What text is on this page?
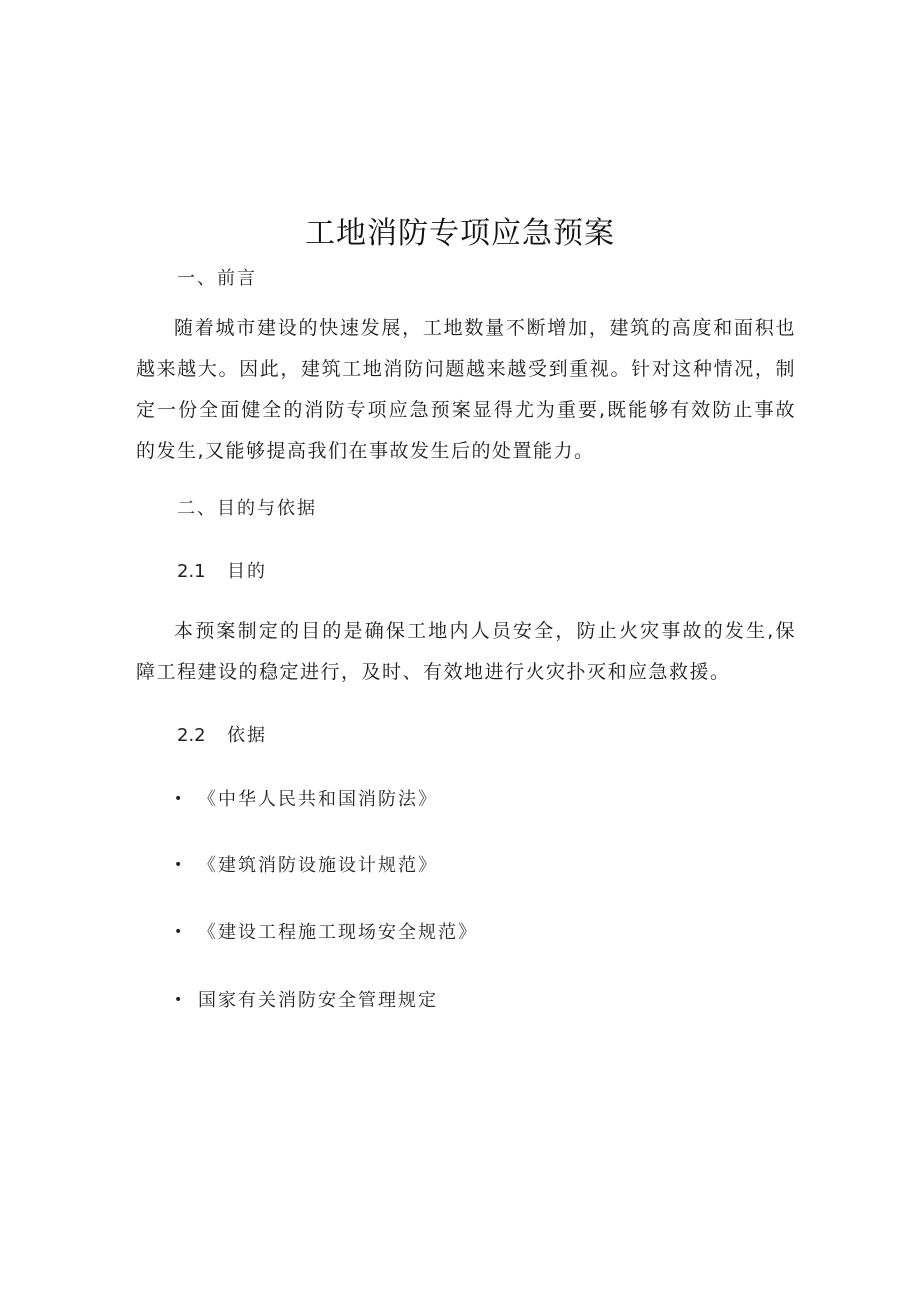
工地消防专项应急预案
一、前言

随着城市建设的快速发展，工地数量不断增加，建筑的高度和面积也越来越大。因此，建筑工地消防问题越来越受到重视。针对这种情况，制定一份全面健全的消防专项应急预案显得尤为重要,既能够有效防止事故的发生,又能够提高我们在事故发生后的处置能力。

二、目的与依据
2.1 目的

本预案制定的目的是确保工地内人员安全，防止火灾事故的发生,保障工程建设的稳定进行，及时、有效地进行火灾扑灭和应急救援。

2.2 依据
• 《中华人民共和国消防法》
• 《建筑消防设施设计规范》
• 《建设工程施工现场安全规范》
• 国家有关消防安全管理规定
